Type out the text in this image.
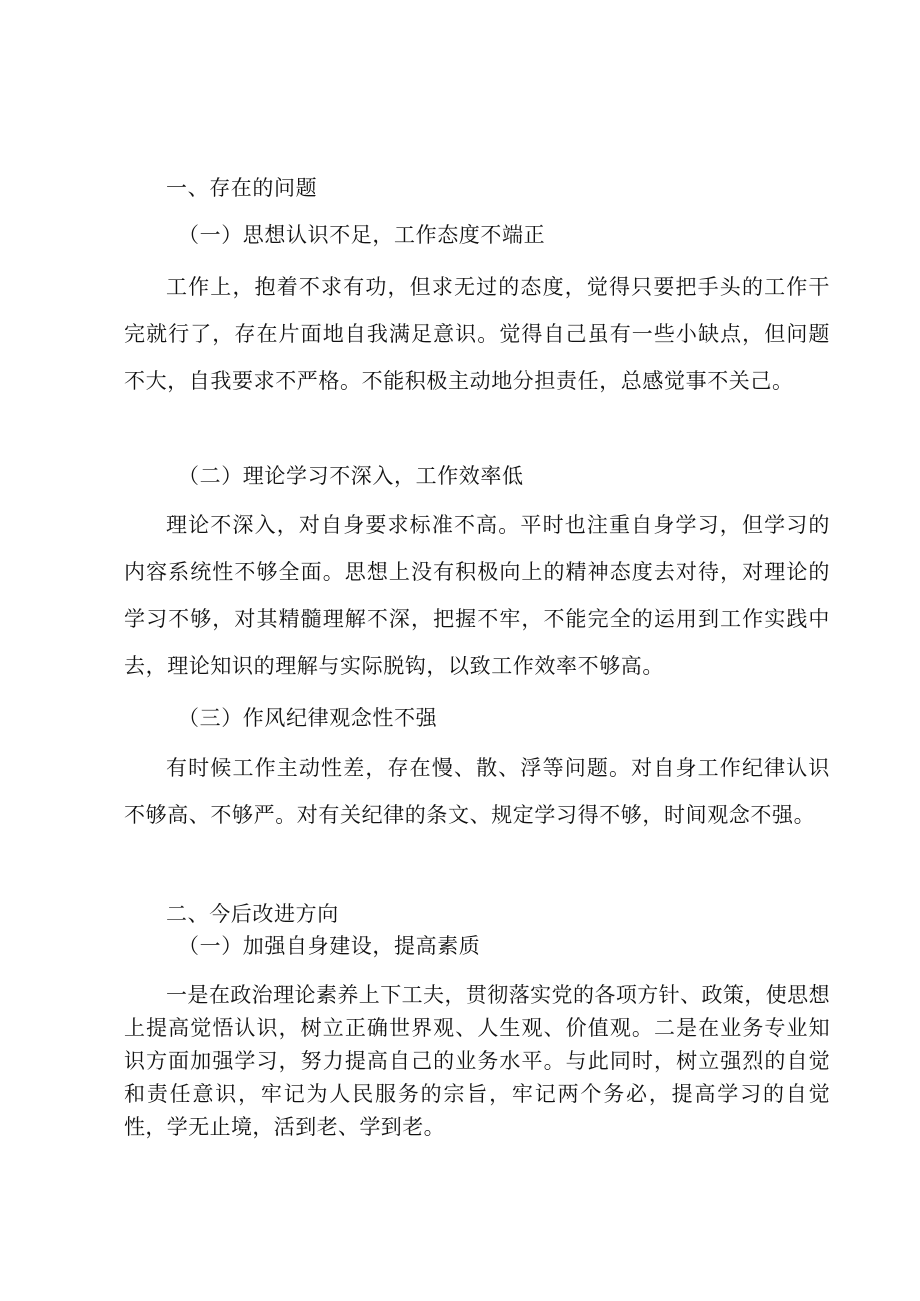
一、存在的问题
（一）思想认识不足，工作态度不端正

工作上，抱着不求有功，但求无过的态度，觉得只要把手头的工作干完就行了，存在片面地自我满足意识。觉得自己虽有一些小缺点，但问题不大，自我要求不严格。不能积极主动地分担责任，总感觉事不关己。

（二）理论学习不深入，工作效率低

理论不深入，对自身要求标准不高。平时也注重自身学习，但学习的内容系统性不够全面。思想上没有积极向上的精神态度去对待，对理论的学习不够，对其精髓理解不深，把握不牢，不能完全的运用到工作实践中去，理论知识的理解与实际脱钩，以致工作效率不够高。

（三）作风纪律观念性不强

有时候工作主动性差，存在慢、散、浮等问题。对自身工作纪律认识不够高、不够严。对有关纪律的条文、规定学习得不够，时间观念不强。

二、今后改进方向
（一）加强自身建设，提高素质

一是在政治理论素养上下工夫，贯彻落实党的各项方针、政策，使思想上提高觉悟认识，树立正确世界观、人生观、价值观。二是在业务专业知识方面加强学习，努力提高自己的业务水平。与此同时，树立强烈的自觉和责任意识，牢记为人民服务的宗旨，牢记两个务必，提高学习的自觉性，学无止境，活到老、学到老。
